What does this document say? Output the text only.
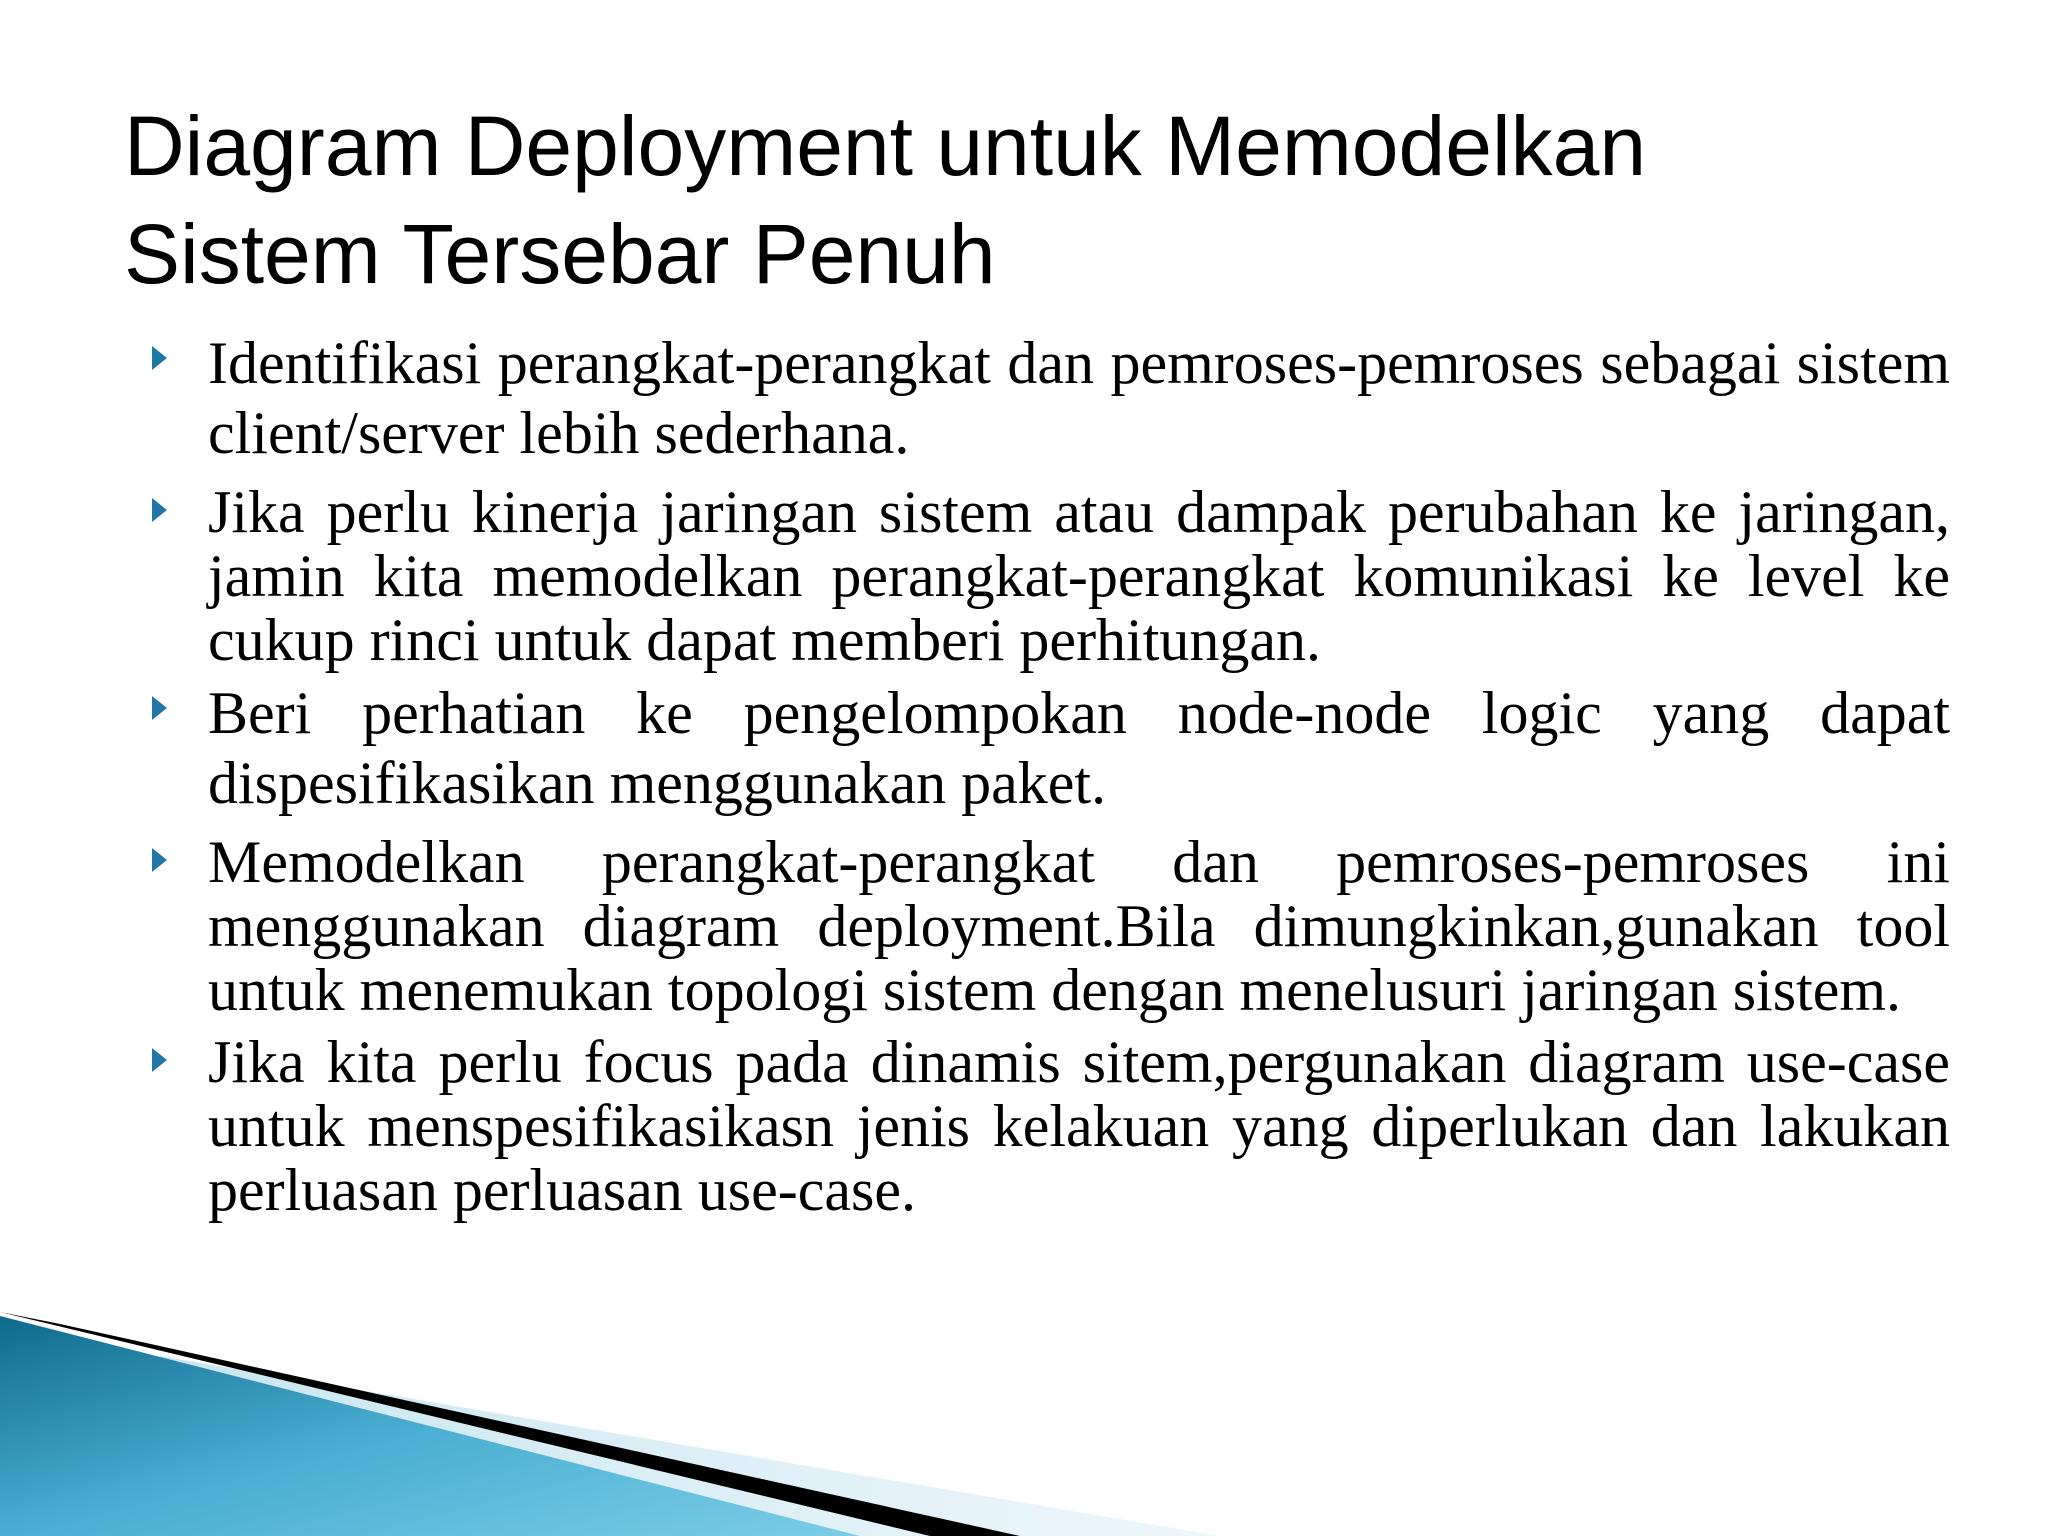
Diagram Deployment untuk Memodelkan
Sistem Tersebar Penuh
Identifikasi perangkat-perangkat dan pemroses-pemroses sebagai sistem client/server lebih sederhana.
Jika perlu kinerja jaringan sistem atau dampak perubahan ke jaringan, jamin kita memodelkan perangkat-perangkat komunikasi ke level ke cukup rinci untuk dapat memberi perhitungan.
Beri perhatian ke pengelompokan node-node logic yang dapat dispesifikasikan menggunakan paket.
Memodelkan perangkat-perangkat dan pemroses-pemroses ini menggunakan diagram deployment.Bila dimungkinkan,gunakan tool untuk menemukan topologi sistem dengan menelusuri jaringan sistem.
Jika kita perlu focus pada dinamis sitem,pergunakan diagram use-case untuk menspesifikasikasn jenis kelakuan yang diperlukan dan lakukan perluasan perluasan use-case.
